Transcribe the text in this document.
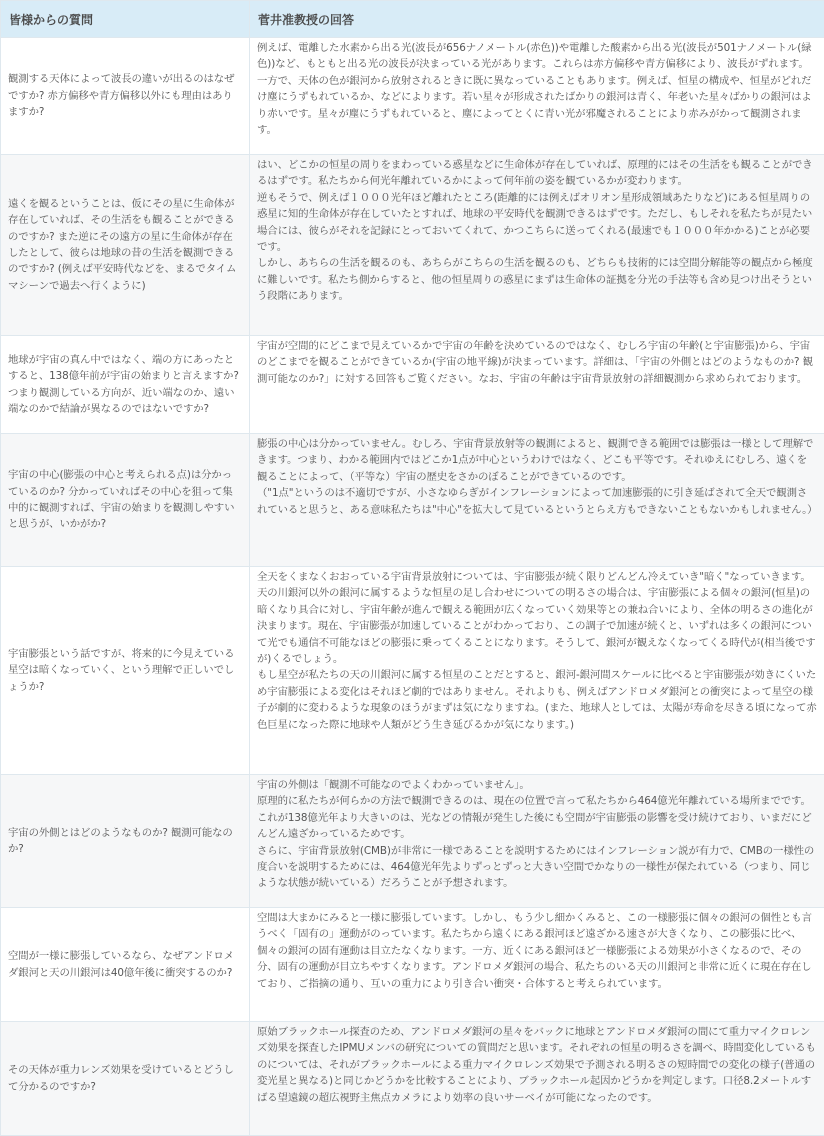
皆様からの質問	菅井准教授の回答
観測する天体によって波長の違いが出るのはなぜですか? 赤方偏移や青方偏移以外にも理由はありますか?	例えば、電離した水素から出る光(波長が656ナノメートル(赤色))や電離した酸素から出る光(波長が501ナノメートル(緑色))など、もともと出る光の波長が決まっている光があります。これらは赤方偏移や青方偏移により、波長がずれます。一方で、天体の色が銀河から放射されるときに既に異なっていることもあります。例えば、恒星の構成や、恒星がどれだけ塵にうずもれているか、などによります。若い星々が形成されたばかりの銀河は青く、年老いた星々ばかりの銀河はより赤いです。星々が塵にうずもれていると、塵によってとくに青い光が邪魔されることにより赤みがかって観測されます。

遠くを観るということは、仮にその星に生命体が存在していれば、その生活をも観ることができるのですか? また逆にその遠方の星に生命体が存在したとして、彼らは地球の昔の生活を観測できるのですか? (例えば平安時代などを、まるでタイムマシーンで過去へ行くように)	はい、どこかの恒星の周りをまわっている惑星などに生命体が存在していれば、原理的にはその生活をも観ることができるはずです。私たちから何光年離れているかによって何年前の姿を観ているかが変わります。
逆もそうで、例えば１０００光年ほど離れたところ(距離的には例えばオリオン星形成領域あたりなど)にある恒星周りの惑星に知的生命体が存在していたとすれば、地球の平安時代を観測できるはずです。ただし、もしそれを私たちが見たい場合には、彼らがそれを記録にとっておいてくれて、かつこちらに送ってくれる(最速でも１０００年かかる)ことが必要です。
しかし、あちらの生活を観るのも、あちらがこちらの生活を観るのも、どちらも技術的には空間分解能等の観点から極度に難しいです。私たち側からすると、他の恒星周りの惑星にまずは生命体の証拠を分光の手法等も含め見つけ出そうという段階にあります。

地球が宇宙の真ん中ではなく、端の方にあったとすると、138億年前が宇宙の始まりと言えますか? つまり観測している方向が、近い端なのか、遠い端なのかで結論が異なるのではないですか?	宇宙が空間的にどこまで見えているかで宇宙の年齢を決めているのではなく、むしろ宇宙の年齢(と宇宙膨張)から、宇宙のどこまでを観ることができているか(宇宙の地平線)が決まっています。詳細は、「宇宙の外側とはどのようなものか? 観測可能なのか?」に対する回答もご覧ください。なお、宇宙の年齢は宇宙背景放射の詳細観測から求められております。

宇宙の中心(膨張の中心と考えられる点)は分かっているのか? 分かっていればその中心を狙って集中的に観測すれば、宇宙の始まりを観測しやすいと思うが、いかがか?	膨張の中心は分かっていません。むしろ、宇宙背景放射等の観測によると、観測できる範囲では膨張は一様として理解できます。つまり、わかる範囲内ではどこか1点が中心というわけではなく、どこも平等です。それゆえにむしろ、遠くを観ることによって、（平等な）宇宙の歴史をさかのぼることができているのです。
（"1点"というのは不適切ですが、小さなゆらぎがインフレーションによって加速膨張的に引き延ばされて全天で観測されていると思うと、ある意味私たちは"中心"を拡大して見ているというとらえ方もできないこともないかもしれません。）

宇宙膨張という話ですが、将来的に今見えている星空は暗くなっていく、という理解で正しいでしょうか?	全天をくまなくおおっている宇宙背景放射については、宇宙膨張が続く限りどんどん冷えていき"暗く"なっていきます。
天の川銀河以外の銀河に属するような恒星の足し合わせについての明るさの場合は、宇宙膨張による個々の銀河(恒星)の暗くなり具合に対し、宇宙年齢が進んで観える範囲が広くなっていく効果等との兼ね合いにより、全体の明るさの進化が決まります。現在、宇宙膨張が加速していることがわかっており、この調子で加速が続くと、いずれは多くの銀河について光でも通信不可能なほどの膨張に乗ってくることになります。そうして、銀河が観えなくなってくる時代が(相当後ですが)くるでしょう。
もし星空が私たちの天の川銀河に属する恒星のことだとすると、銀河-銀河間スケールに比べると宇宙膨張が効きにくいため宇宙膨張による変化はそれほど劇的ではありません。それよりも、例えばアンドロメダ銀河との衝突によって星空の様子が劇的に変わるような現象のほうがまずは気になりますね。(また、地球人としては、太陽が寿命を尽きる頃になって赤色巨星になった際に地球や人類がどう生き延びるかが気になります。)

宇宙の外側とはどのようなものか? 観測可能なのか?	宇宙の外側は「観測不可能なのでよくわかっていません」。
原理的に私たちが何らかの方法で観測できるのは、現在の位置で言って私たちから464億光年離れている場所までです。これが138億光年より大きいのは、光などの情報が発生した後にも空間が宇宙膨張の影響を受け続けており、いまだにどんどん遠ざかっているためです。
さらに、宇宙背景放射(CMB)が非常に一様であることを説明するためにはインフレーション説が有力で、CMBの一様性の度合いを説明するためには、464億光年先よりずっとずっと大きい空間でかなりの一様性が保たれている（つまり、同じような状態が続いている）だろうことが予想されます。

空間が一様に膨張しているなら、なぜアンドロメダ銀河と天の川銀河は40億年後に衝突するのか?	空間は大まかにみると一様に膨張しています。しかし、もう少し細かくみると、この一様膨張に個々の銀河の個性とも言うべく「固有の」運動がのっています。私たちから遠くにある銀河ほど遠ざかる速さが大きくなり、この膨張に比べ、個々の銀河の固有運動は目立たなくなります。一方、近くにある銀河ほど一様膨張による効果が小さくなるので、その分、固有の運動が目立ちやすくなります。アンドロメダ銀河の場合、私たちのいる天の川銀河と非常に近くに現在存在しており、ご指摘の通り、互いの重力により引き合い衝突・合体すると考えられています。

その天体が重力レンズ効果を受けているとどうして分かるのですか?	原始ブラックホール探査のため、アンドロメダ銀河の星々をバックに地球とアンドロメダ銀河の間にて重力マイクロレンズ効果を探査したIPMUメンバの研究についての質問だと思います。それぞれの恒星の明るさを調べ、時間変化しているものについては、それがブラックホールによる重力マイクロレンズ効果で予測される明るさの短時間での変化の様子(普通の変光星と異なる)と同じかどうかを比較することにより、ブラックホール起因かどうかを判定します。口径8.2メートルすばる望遠鏡の超広視野主焦点カメラにより効率の良いサーベイが可能になったのです。
